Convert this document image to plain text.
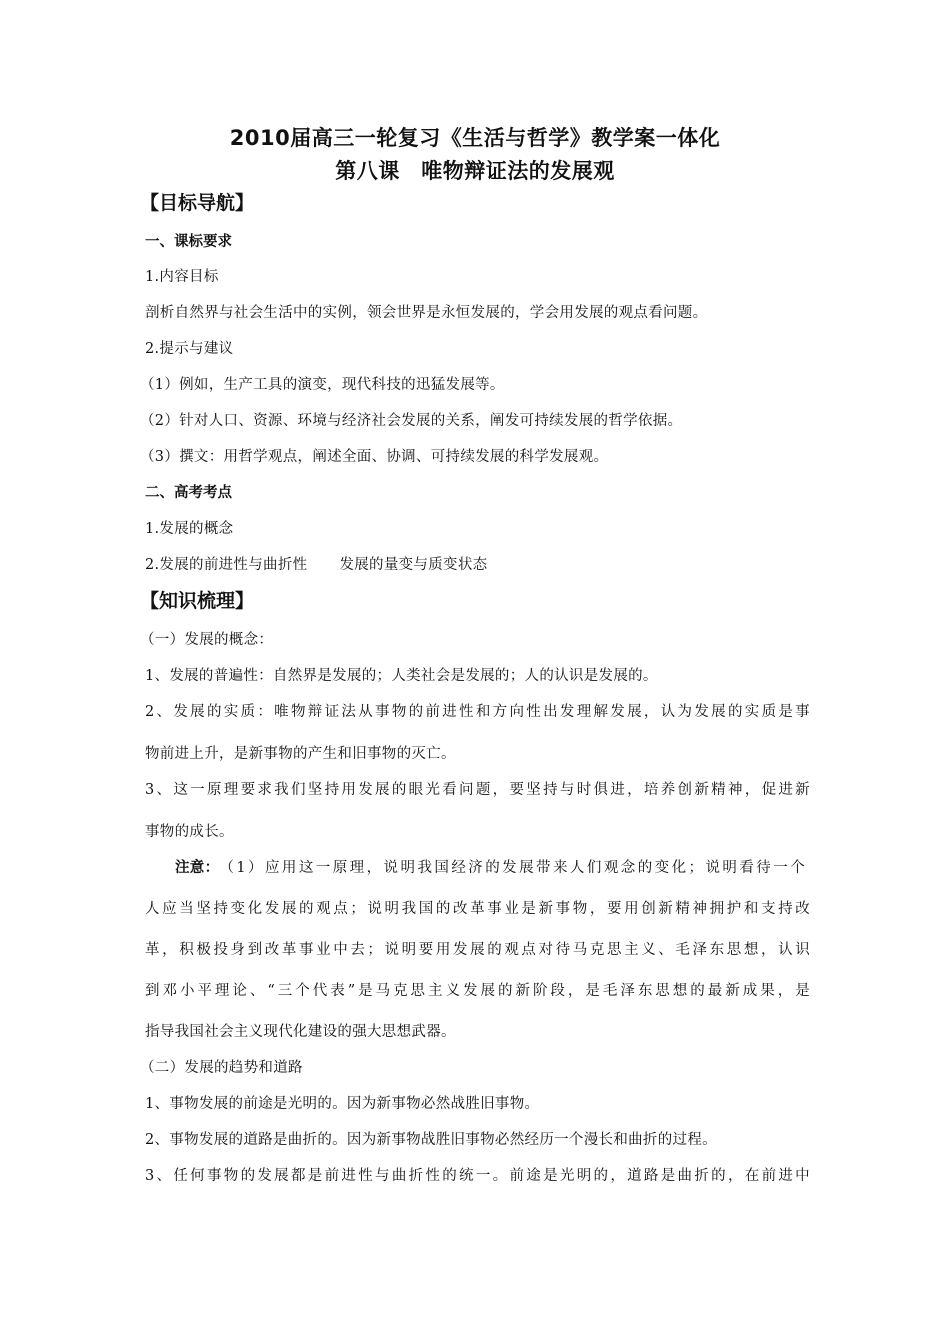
2010届高三一轮复习《生活与哲学》教学案一体化
第八课　唯物辩证法的发展观
【目标导航】
一、课标要求
1.内容目标
剖析自然界与社会生活中的实例，领会世界是永恒发展的，学会用发展的观点看问题。
2.提示与建议
（1）例如，生产工具的演变，现代科技的迅猛发展等。
（2）针对人口、资源、环境与经济社会发展的关系，阐发可持续发展的哲学依据。
（3）撰文：用哲学观点，阐述全面、协调、可持续发展的科学发展观。
二、高考考点
1.发展的概念
2.发展的前进性与曲折性 发展的量变与质变状态
【知识梳理】
（一）发展的概念：
1、发展的普遍性：自然界是发展的；人类社会是发展的；人的认识是发展的。
2、发展的实质：唯物辩证法从事物的前进性和方向性出发理解发展，认为发展的实质是事
物前进上升，是新事物的产生和旧事物的灭亡。
3、这一原理要求我们坚持用发展的眼光看问题，要坚持与时俱进，培养创新精神，促进新
事物的成长。
注意： （1）应用这一原理，说明我国经济的发展带来人们观念的变化；说明看待一个
人应当坚持变化发展的观点；说明我国的改革事业是新事物，要用创新精神拥护和支持改
革，积极投身到改革事业中去；说明要用发展的观点对待马克思主义、毛泽东思想，认识
到邓小平理论、“三个代表”是马克思主义发展的新阶段，是毛泽东思想的最新成果，是
指导我国社会主义现代化建设的强大思想武器。
（二）发展的趋势和道路
1、事物发展的前途是光明的。因为新事物必然战胜旧事物。
2、事物发展的道路是曲折的。因为新事物战胜旧事物必然经历一个漫长和曲折的过程。
3、任何事物的发展都是前进性与曲折性的统一。前途是光明的，道路是曲折的，在前进中
